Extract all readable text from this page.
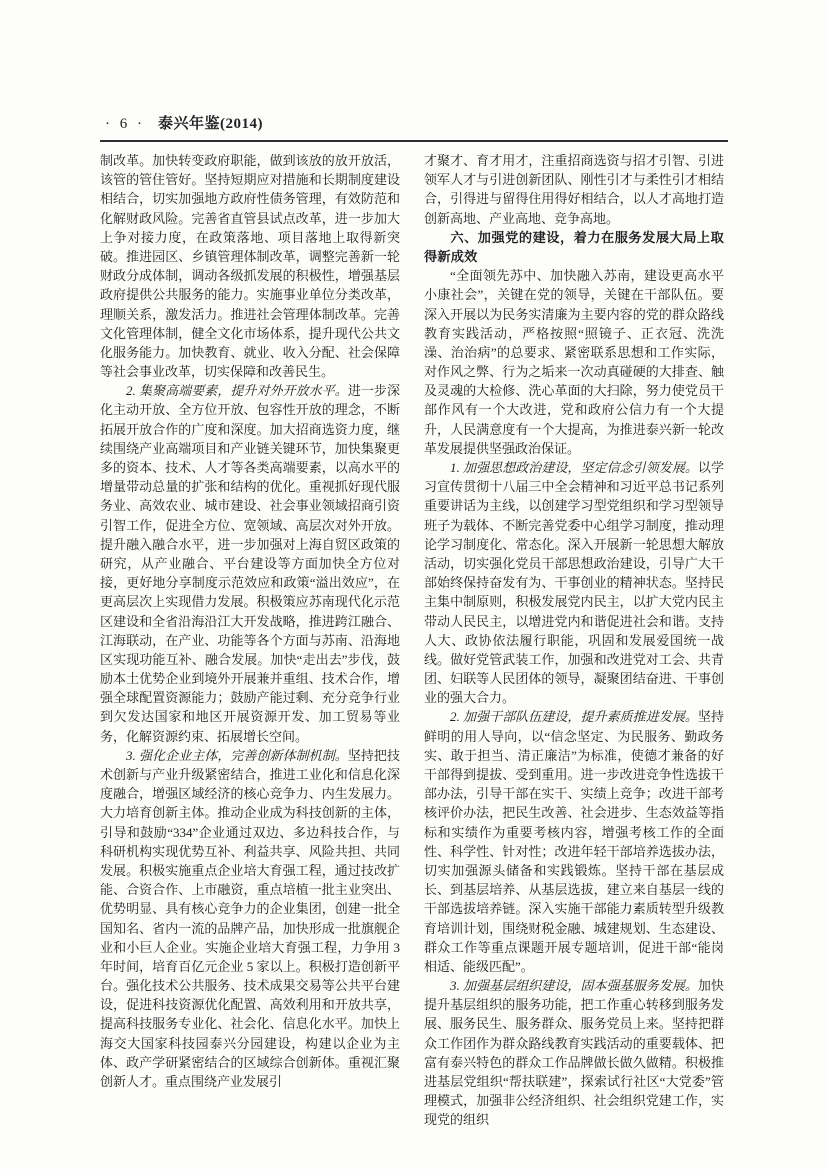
· 6 · 泰兴年鉴(2014)

制改革。加快转变政府职能，做到该放的放开放活，该管的管住管好。坚持短期应对措施和长期制度建设相结合，切实加强地方政府性债务管理，有效防范和化解财政风险。完善省直管县试点改革，进一步加大上争对接力度，在政策落地、项目落地上取得新突破。推进园区、乡镇管理体制改革，调整完善新一轮财政分成体制，调动各级抓发展的积极性，增强基层政府提供公共服务的能力。实施事业单位分类改革，理顺关系，激发活力。推进社会管理体制改革。完善文化管理体制，健全文化市场体系，提升现代公共文化服务能力。加快教育、就业、收入分配、社会保障等社会事业改革，切实保障和改善民生。

2. 集聚高端要素，提升对外开放水平。进一步深化主动开放、全方位开放、包容性开放的理念，不断拓展开放合作的广度和深度。加大招商选资力度，继续围绕产业高端项目和产业链关键环节，加快集聚更多的资本、技术、人才等各类高端要素，以高水平的增量带动总量的扩张和结构的优化。重视抓好现代服务业、高效农业、城市建设、社会事业领域招商引资引智工作，促进全方位、宽领域、高层次对外开放。提升融入融合水平，进一步加强对上海自贸区政策的研究，从产业融合、平台建设等方面加快全方位对接，更好地分享制度示范效应和政策“溢出效应”，在更高层次上实现借力发展。积极策应苏南现代化示范区建设和全省沿海沿江大开发战略，推进跨江融合、江海联动，在产业、功能等各个方面与苏南、沿海地区实现功能互补、融合发展。加快“走出去”步伐，鼓励本土优势企业到境外开展兼并重组、技术合作，增强全球配置资源能力；鼓励产能过剩、充分竞争行业到欠发达国家和地区开展资源开发、加工贸易等业务，化解资源约束、拓展增长空间。

3. 强化企业主体，完善创新体制机制。坚持把技术创新与产业升级紧密结合，推进工业化和信息化深度融合，增强区域经济的核心竞争力、内生发展力。大力培育创新主体。推动企业成为科技创新的主体，引导和鼓励“334”企业通过双边、多边科技合作，与科研机构实现优势互补、利益共享、风险共担、共同发展。积极实施重点企业培大育强工程，通过技改扩能、合资合作、上市融资，重点培植一批主业突出、优势明显、具有核心竞争力的企业集团，创建一批全国知名、省内一流的品牌产品，加快形成一批旗舰企业和小巨人企业。实施企业培大育强工程，力争用 3 年时间，培育百亿元企业 5 家以上。积极打造创新平台。强化技术公共服务、技术成果交易等公共平台建设，促进科技资源优化配置、高效利用和开放共享，提高科技服务专业化、社会化、信息化水平。加快上海交大国家科技园泰兴分园建设，构建以企业为主体、政产学研紧密结合的区域综合创新体。重视汇聚创新人才。重点围绕产业发展引

才聚才、育才用才，注重招商选资与招才引智、引进领军人才与引进创新团队、刚性引才与柔性引才相结合，引得进与留得住用得好相结合，以人才高地打造创新高地、产业高地、竞争高地。

六、加强党的建设，着力在服务发展大局上取得新成效

“全面领先苏中、加快融入苏南，建设更高水平小康社会”，关键在党的领导，关键在干部队伍。要深入开展以为民务实清廉为主要内容的党的群众路线教育实践活动，严格按照“照镜子、正衣冠、洗洗澡、治治病”的总要求、紧密联系思想和工作实际，对作风之弊、行为之垢来一次动真碰硬的大排查、触及灵魂的大检修、洗心革面的大扫除，努力使党员干部作风有一个大改进，党和政府公信力有一个大提升，人民满意度有一个大提高，为推进泰兴新一轮改革发展提供坚强政治保证。

1. 加强思想政治建设，坚定信念引领发展。以学习宣传贯彻十八届三中全会精神和习近平总书记系列重要讲话为主线，以创建学习型党组织和学习型领导班子为载体、不断完善党委中心组学习制度，推动理论学习制度化、常态化。深入开展新一轮思想大解放活动，切实强化党员干部思想政治建设，引导广大干部始终保持奋发有为、干事创业的精神状态。坚持民主集中制原则，积极发展党内民主，以扩大党内民主带动人民民主，以增进党内和谐促进社会和谐。支持人大、政协依法履行职能，巩固和发展爱国统一战线。做好党管武装工作，加强和改进党对工会、共青团、妇联等人民团体的领导，凝聚团结奋进、干事创业的强大合力。

2. 加强干部队伍建设，提升素质推进发展。坚持鲜明的用人导向，以“信念坚定、为民服务、勤政务实、敢于担当、清正廉洁”为标准，使德才兼备的好干部得到提拔、受到重用。进一步改进竞争性选拔干部办法，引导干部在实干、实绩上竞争；改进干部考核评价办法，把民生改善、社会进步、生态效益等指标和实绩作为重要考核内容，增强考核工作的全面性、科学性、针对性；改进年轻干部培养选拔办法，切实加强源头储备和实践锻炼。坚持干部在基层成长、到基层培养、从基层选拔，建立来自基层一线的干部选拔培养链。深入实施干部能力素质转型升级教育培训计划，围绕财税金融、城建规划、生态建设、群众工作等重点课题开展专题培训，促进干部“能岗相适、能级匹配”。

3. 加强基层组织建设，固本强基服务发展。加快提升基层组织的服务功能，把工作重心转移到服务发展、服务民生、服务群众、服务党员上来。坚持把群众工作团作为群众路线教育实践活动的重要载体、把富有泰兴特色的群众工作品牌做长做久做精。积极推进基层党组织“帮扶联建”，探索试行社区“大党委”管理模式，加强非公经济组织、社会组织党建工作，实现党的组织
